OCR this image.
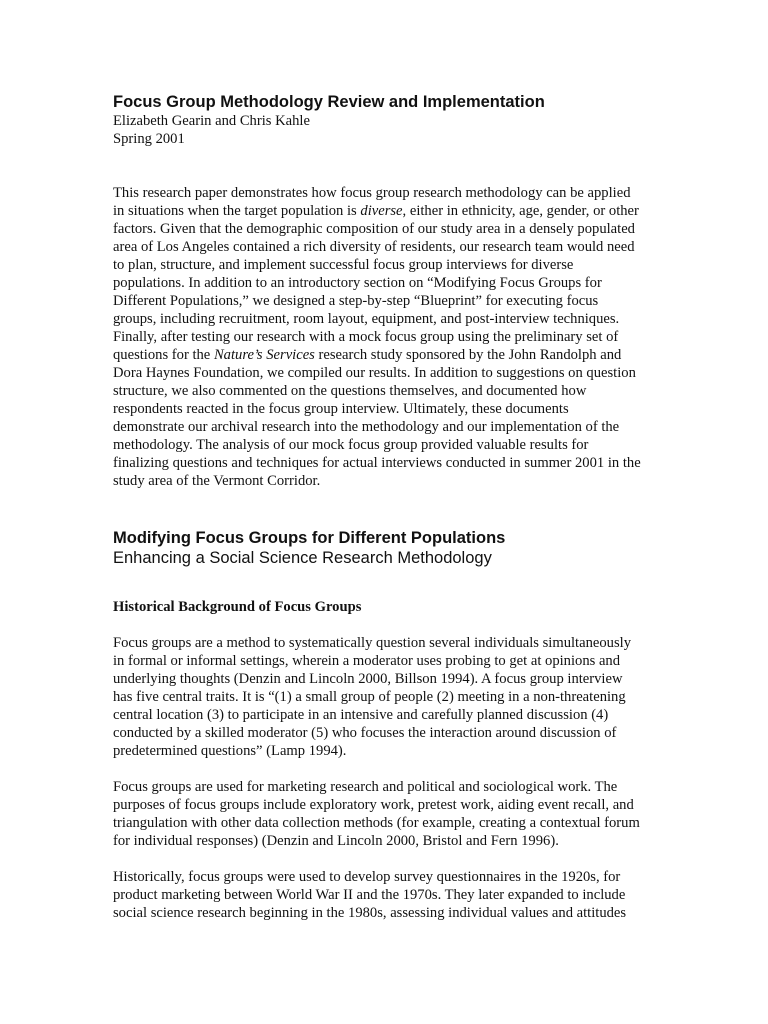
Focus Group Methodology Review and Implementation

Elizabeth Gearin and Chris Kahle

Spring 2001

This research paper demonstrates how focus group research methodology can be applied in situations when the target population is diverse, either in ethnicity, age, gender, or other factors. Given that the demographic composition of our study area in a densely populated area of Los Angeles contained a rich diversity of residents, our research team would need to plan, structure, and implement successful focus group interviews for diverse populations. In addition to an introductory section on “Modifying Focus Groups for Different Populations,” we designed a step-by-step “Blueprint” for executing focus groups, including recruitment, room layout, equipment, and post-interview techniques. Finally, after testing our research with a mock focus group using the preliminary set of questions for the Nature’s Services research study sponsored by the John Randolph and Dora Haynes Foundation, we compiled our results. In addition to suggestions on question structure, we also commented on the questions themselves, and documented how respondents reacted in the focus group interview. Ultimately, these documents demonstrate our archival research into the methodology and our implementation of the methodology. The analysis of our mock focus group provided valuable results for finalizing questions and techniques for actual interviews conducted in summer 2001 in the study area of the Vermont Corridor.

Modifying Focus Groups for Different Populations
Enhancing a Social Science Research Methodology
Historical Background of Focus Groups

Focus groups are a method to systematically question several individuals simultaneously in formal or informal settings, wherein a moderator uses probing to get at opinions and underlying thoughts (Denzin and Lincoln 2000, Billson 1994). A focus group interview has five central traits. It is “(1) a small group of people (2) meeting in a non-threatening central location (3) to participate in an intensive and carefully planned discussion (4) conducted by a skilled moderator (5) who focuses the interaction around discussion of predetermined questions” (Lamp 1994).

Focus groups are used for marketing research and political and sociological work. The purposes of focus groups include exploratory work, pretest work, aiding event recall, and triangulation with other data collection methods (for example, creating a contextual forum for individual responses) (Denzin and Lincoln 2000, Bristol and Fern 1996).

Historically, focus groups were used to develop survey questionnaires in the 1920s, for product marketing between World War II and the 1970s. They later expanded to include social science research beginning in the 1980s, assessing individual values and attitudes
